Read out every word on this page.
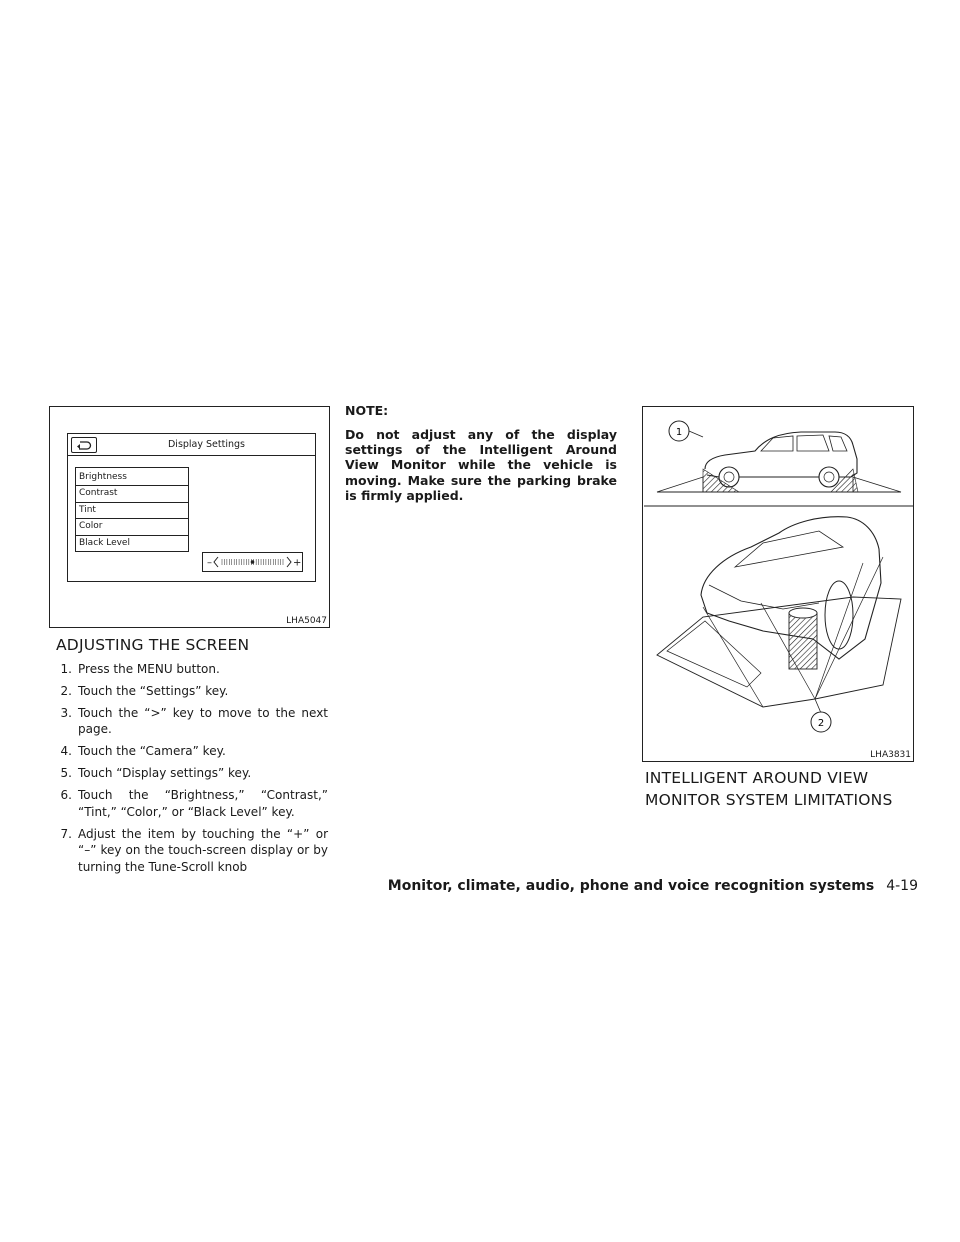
Display Settings
Brightness
Contrast
Tint
Color
Black Level
–	+
LHA5047
ADJUSTING THE SCREEN
1. Press the MENU button.
2. Touch the “Settings” key.
3. Touch the “>” key to move to the next page.
4. Touch the “Camera” key.
5. Touch “Display settings” key.
6. Touch the “Brightness,” “Contrast,” “Tint,” “Color,” or “Black Level” key.
7. Adjust the item by touching the “+” or “–” key on the touch-screen display or by turning the Tune-Scroll knob
NOTE:
Do not adjust any of the display settings of the Intelligent Around View Monitor while the vehicle is moving. Make sure the parking brake is firmly applied.
1
2
LHA3831
INTELLIGENT AROUND VIEW
MONITOR SYSTEM LIMITATIONS
Monitor, climate, audio, phone and voice recognition systems 4-19
